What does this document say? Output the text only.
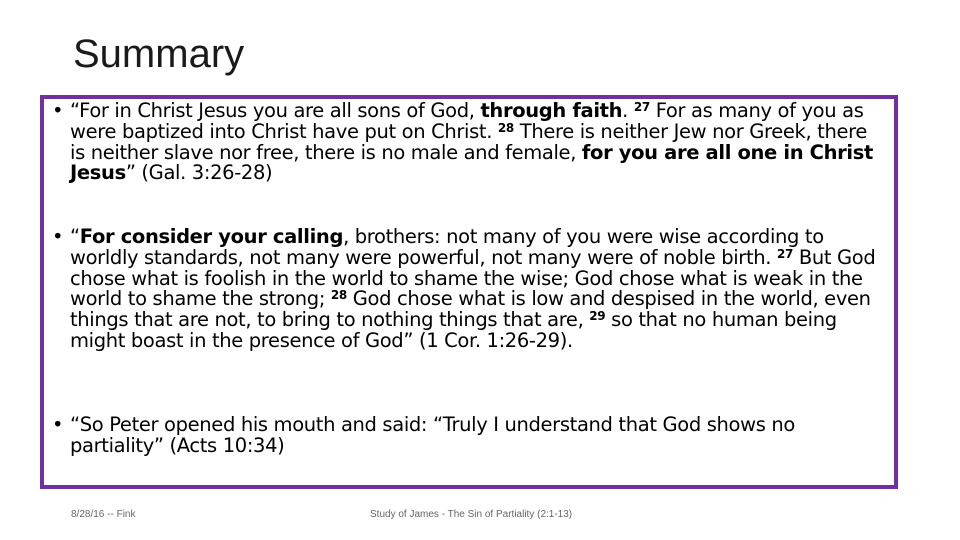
Summary
• “For in Christ Jesus you are all sons of God, through faith. $^{27}$ For as many of you as were baptized into Christ have put on Christ. $^{28}$ There is neither Jew nor Greek, there is neither slave nor free, there is no male and female, for you are all one in Christ Jesus” (Gal. 3:26-28)
• “For consider your calling, brothers: not many of you were wise according to worldly standards, not many were powerful, not many were of noble birth. $^{27}$ But God chose what is foolish in the world to shame the wise; God chose what is weak in the world to shame the strong; $^{28}$ God chose what is low and despised in the world, even things that are not, to bring to nothing things that are, $^{29}$ so that no human being might boast in the presence of God” (1 Cor. 1:26-29).
• “So Peter opened his mouth and said: “Truly I understand that God shows no partiality” (Acts 10:34)
8/28/16 -- Fink	Study of James - The Sin of Partiality (2:1-13)
